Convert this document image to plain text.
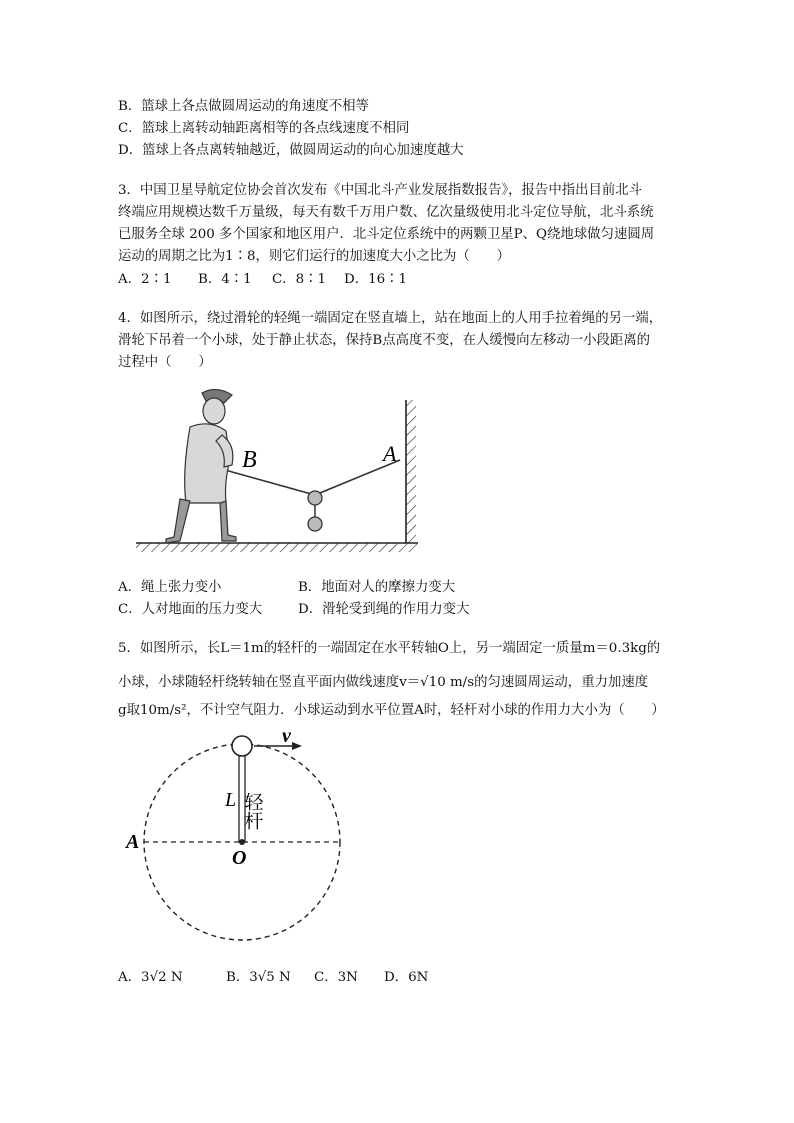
B．篮球上各点做圆周运动的角速度不相等
C．篮球上离转动轴距离相等的各点线速度不相同
D．篮球上各点离转轴越近，做圆周运动的向心加速度越大
3．中国卫星导航定位协会首次发布《中国北斗产业发展指数报告》，报告中指出目前北斗
终端应用规模达数千万量级，每天有数千万用户数、亿次量级使用北斗定位导航，北斗系统
已服务全球 200 多个国家和地区用户．北斗定位系统中的两颗卫星P、Q绕地球做匀速圆周
运动的周期之比为1∶8，则它们运行的加速度大小之比为（　　）
A．2∶1 B．4∶1 C．8∶1 D．16∶1
4．如图所示，绕过滑轮的轻绳一端固定在竖直墙上，站在地面上的人用手拉着绳的另一端，
滑轮下吊着一个小球，处于静止状态，保持B点高度不变，在人缓慢向左移动一小段距离的
过程中（　　）
B	A
A．绳上张力变小	B．地面对人的摩擦力变大
C．人对地面的压力变大	D．滑轮受到绳的作用力变大
5．如图所示，长L＝1m的轻杆的一端固定在水平转轴O上，另一端固定一质量m＝0.3kg的
小球，小球随轻杆绕转轴在竖直平面内做线速度v＝√10 m/s的匀速圆周运动，重力加速度
g取10m/s²，不计空气阻力．小球运动到水平位置A时，轻杆对小球的作用力大小为（　　）
v
L 轻杆
A
O
A．3√2 N	B．3√5 N C．3N D．6N
